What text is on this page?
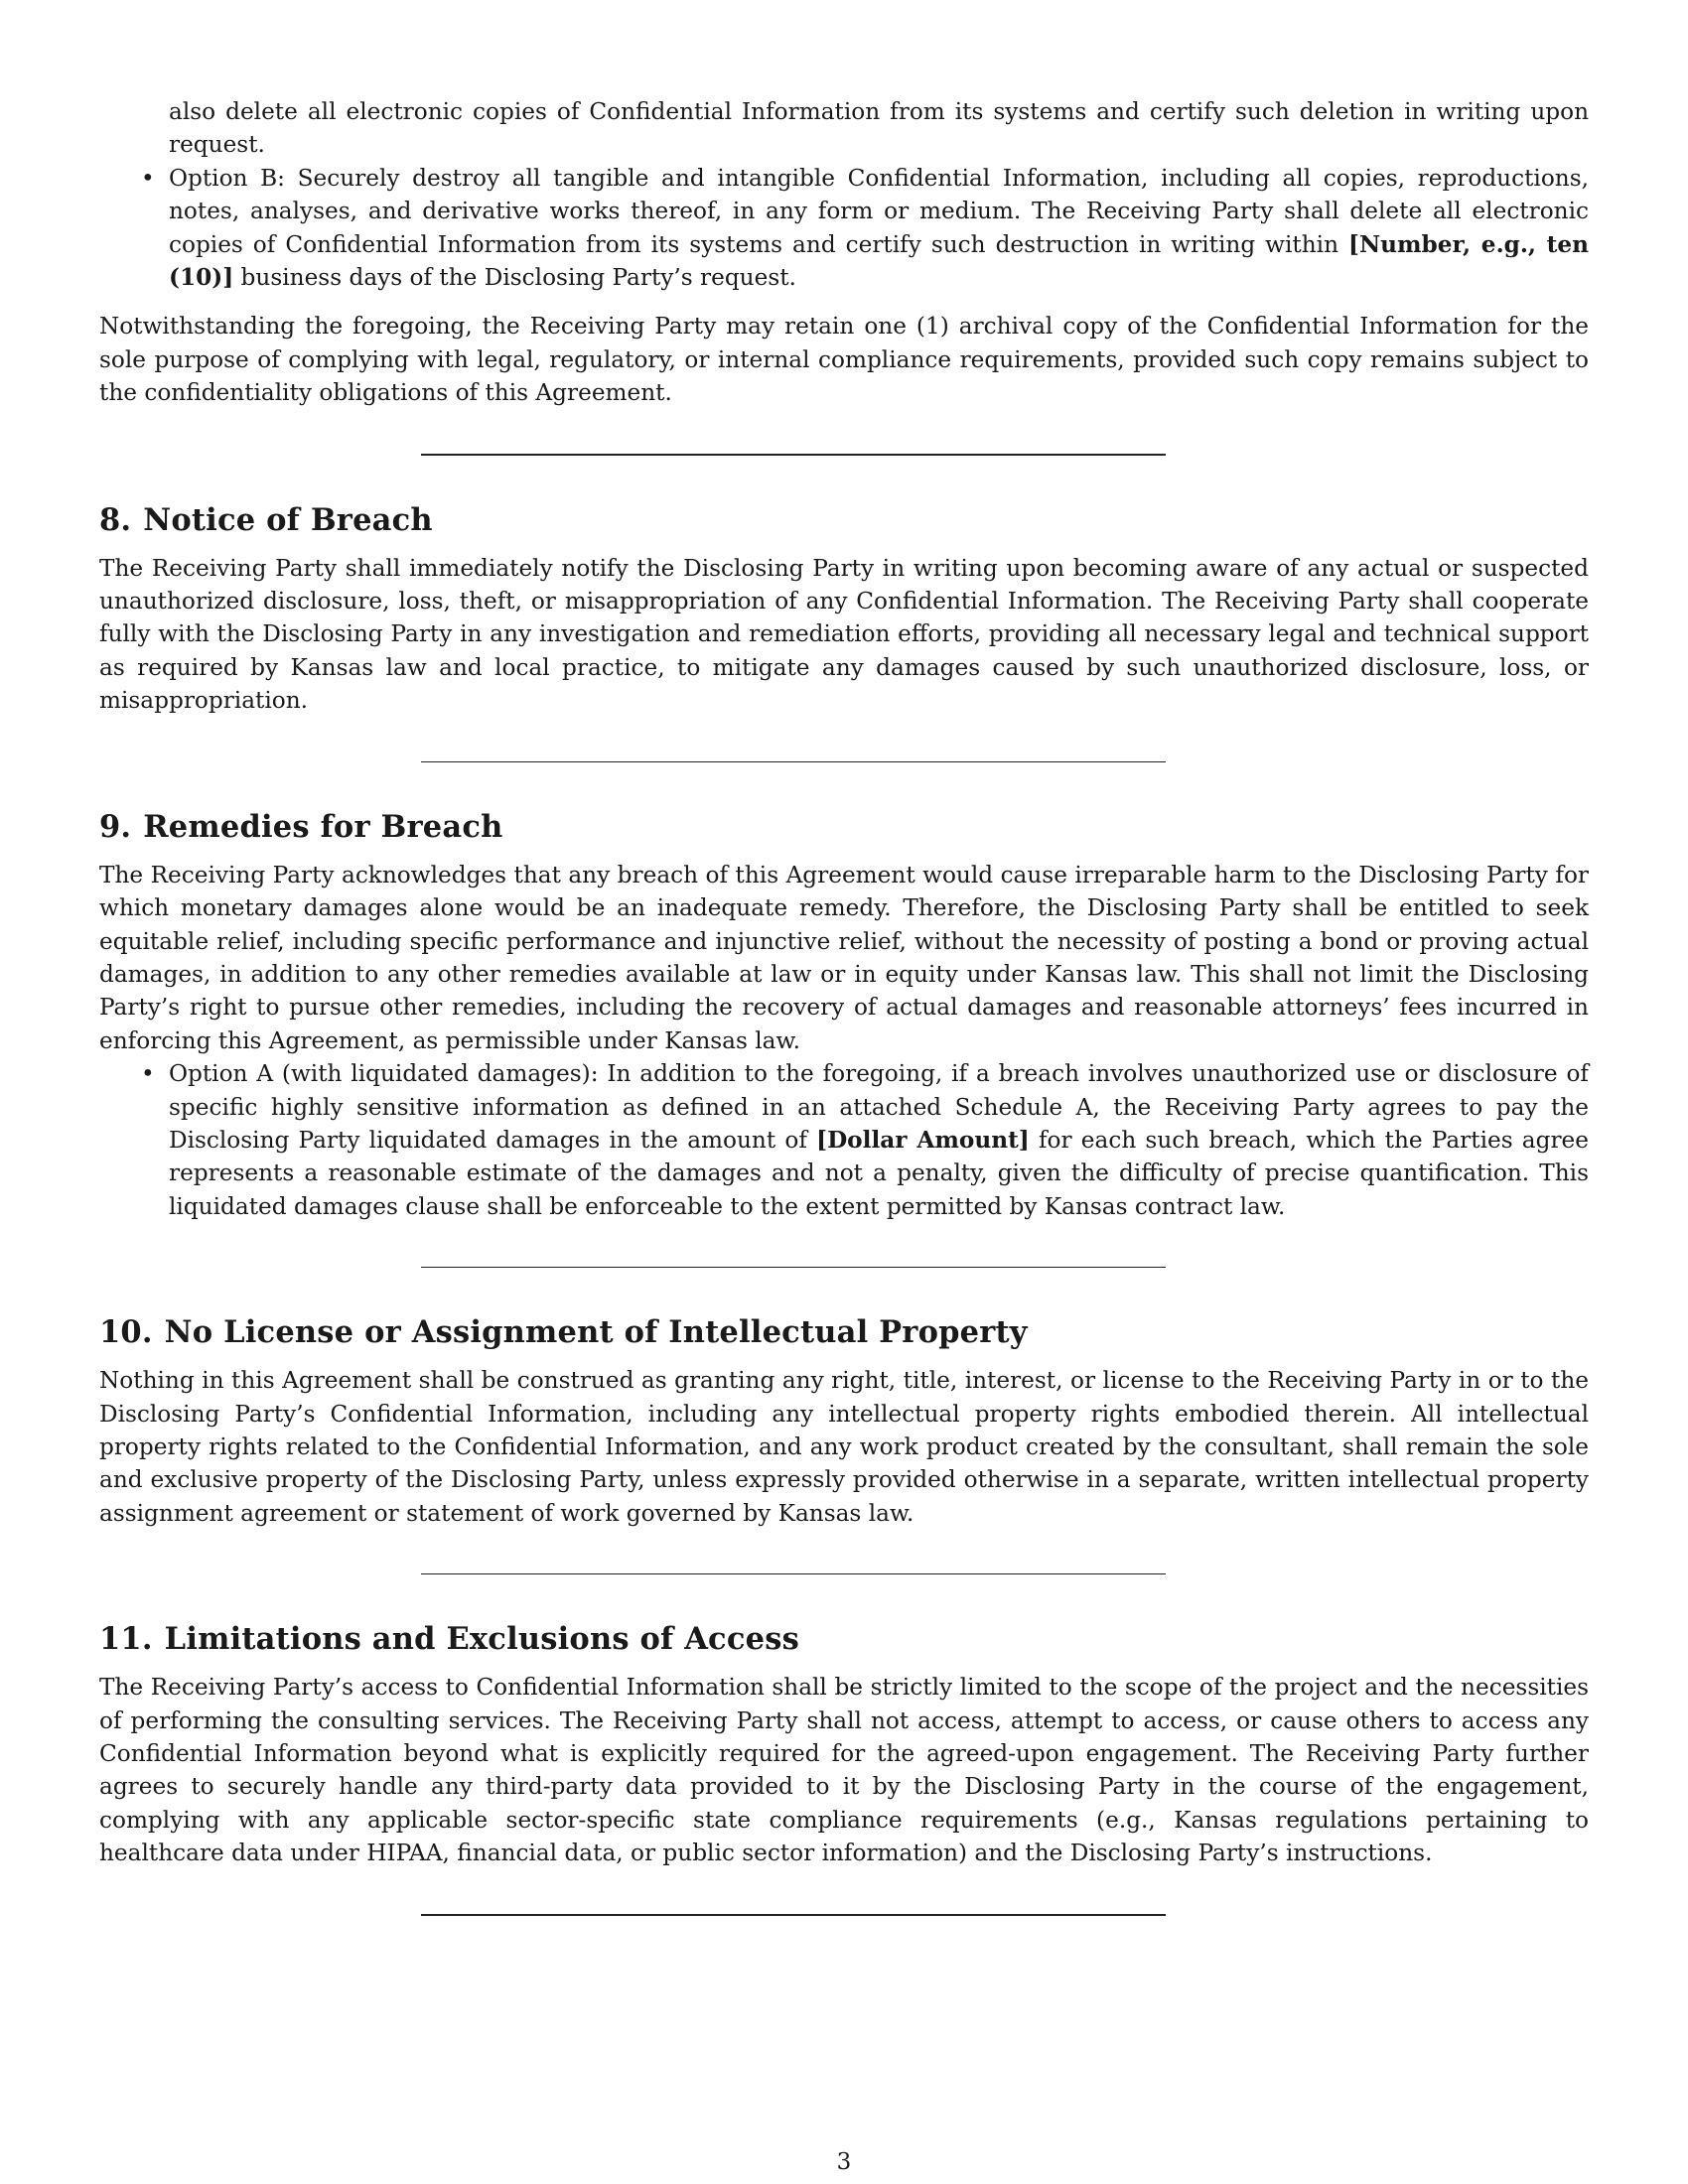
also delete all electronic copies of Confidential Information from its systems and certify such deletion in writing upon request.
• Option B: Securely destroy all tangible and intangible Confidential Information, including all copies, reproductions, notes, analyses, and derivative works thereof, in any form or medium. The Receiving Party shall delete all electronic copies of Confidential Information from its systems and certify such destruction in writing within [Number, e.g., ten (10)] business days of the Disclosing Party’s request.

Notwithstanding the foregoing, the Receiving Party may retain one (1) archival copy of the Confidential Information for the sole purpose of complying with legal, regulatory, or internal compliance requirements, provided such copy remains subject to the confidentiality obligations of this Agreement.

8. Notice of Breach

The Receiving Party shall immediately notify the Disclosing Party in writing upon becoming aware of any actual or suspected unauthorized disclosure, loss, theft, or misappropriation of any Confidential Information. The Receiving Party shall cooperate fully with the Disclosing Party in any investigation and remediation efforts, providing all necessary legal and technical support as required by Kansas law and local practice, to mitigate any damages caused by such unauthorized disclosure, loss, or misappropriation.

9. Remedies for Breach

The Receiving Party acknowledges that any breach of this Agreement would cause irreparable harm to the Disclosing Party for which monetary damages alone would be an inadequate remedy. Therefore, the Disclosing Party shall be entitled to seek equitable relief, including specific performance and injunctive relief, without the necessity of posting a bond or proving actual damages, in addition to any other remedies available at law or in equity under Kansas law. This shall not limit the Disclosing Party’s right to pursue other remedies, including the recovery of actual damages and reasonable attorneys’ fees incurred in enforcing this Agreement, as permissible under Kansas law.

• Option A (with liquidated damages): In addition to the foregoing, if a breach involves unauthorized use or disclosure of specific highly sensitive information as defined in an attached Schedule A, the Receiving Party agrees to pay the Disclosing Party liquidated damages in the amount of [Dollar Amount] for each such breach, which the Parties agree represents a reasonable estimate of the damages and not a penalty, given the difficulty of precise quantification. This liquidated damages clause shall be enforceable to the extent permitted by Kansas contract law.
10. No License or Assignment of Intellectual Property

Nothing in this Agreement shall be construed as granting any right, title, interest, or license to the Receiving Party in or to the Disclosing Party’s Confidential Information, including any intellectual property rights embodied therein. All intellectual property rights related to the Confidential Information, and any work product created by the consultant, shall remain the sole and exclusive property of the Disclosing Party, unless expressly provided otherwise in a separate, written intellectual property assignment agreement or statement of work governed by Kansas law.

11. Limitations and Exclusions of Access

The Receiving Party’s access to Confidential Information shall be strictly limited to the scope of the project and the necessities of performing the consulting services. The Receiving Party shall not access, attempt to access, or cause others to access any Confidential Information beyond what is explicitly required for the agreed-upon engagement. The Receiving Party further agrees to securely handle any third-party data provided to it by the Disclosing Party in the course of the engagement, complying with any applicable sector-specific state compliance requirements (e.g., Kansas regulations pertaining to healthcare data under HIPAA, financial data, or public sector information) and the Disclosing Party’s instructions.

3
